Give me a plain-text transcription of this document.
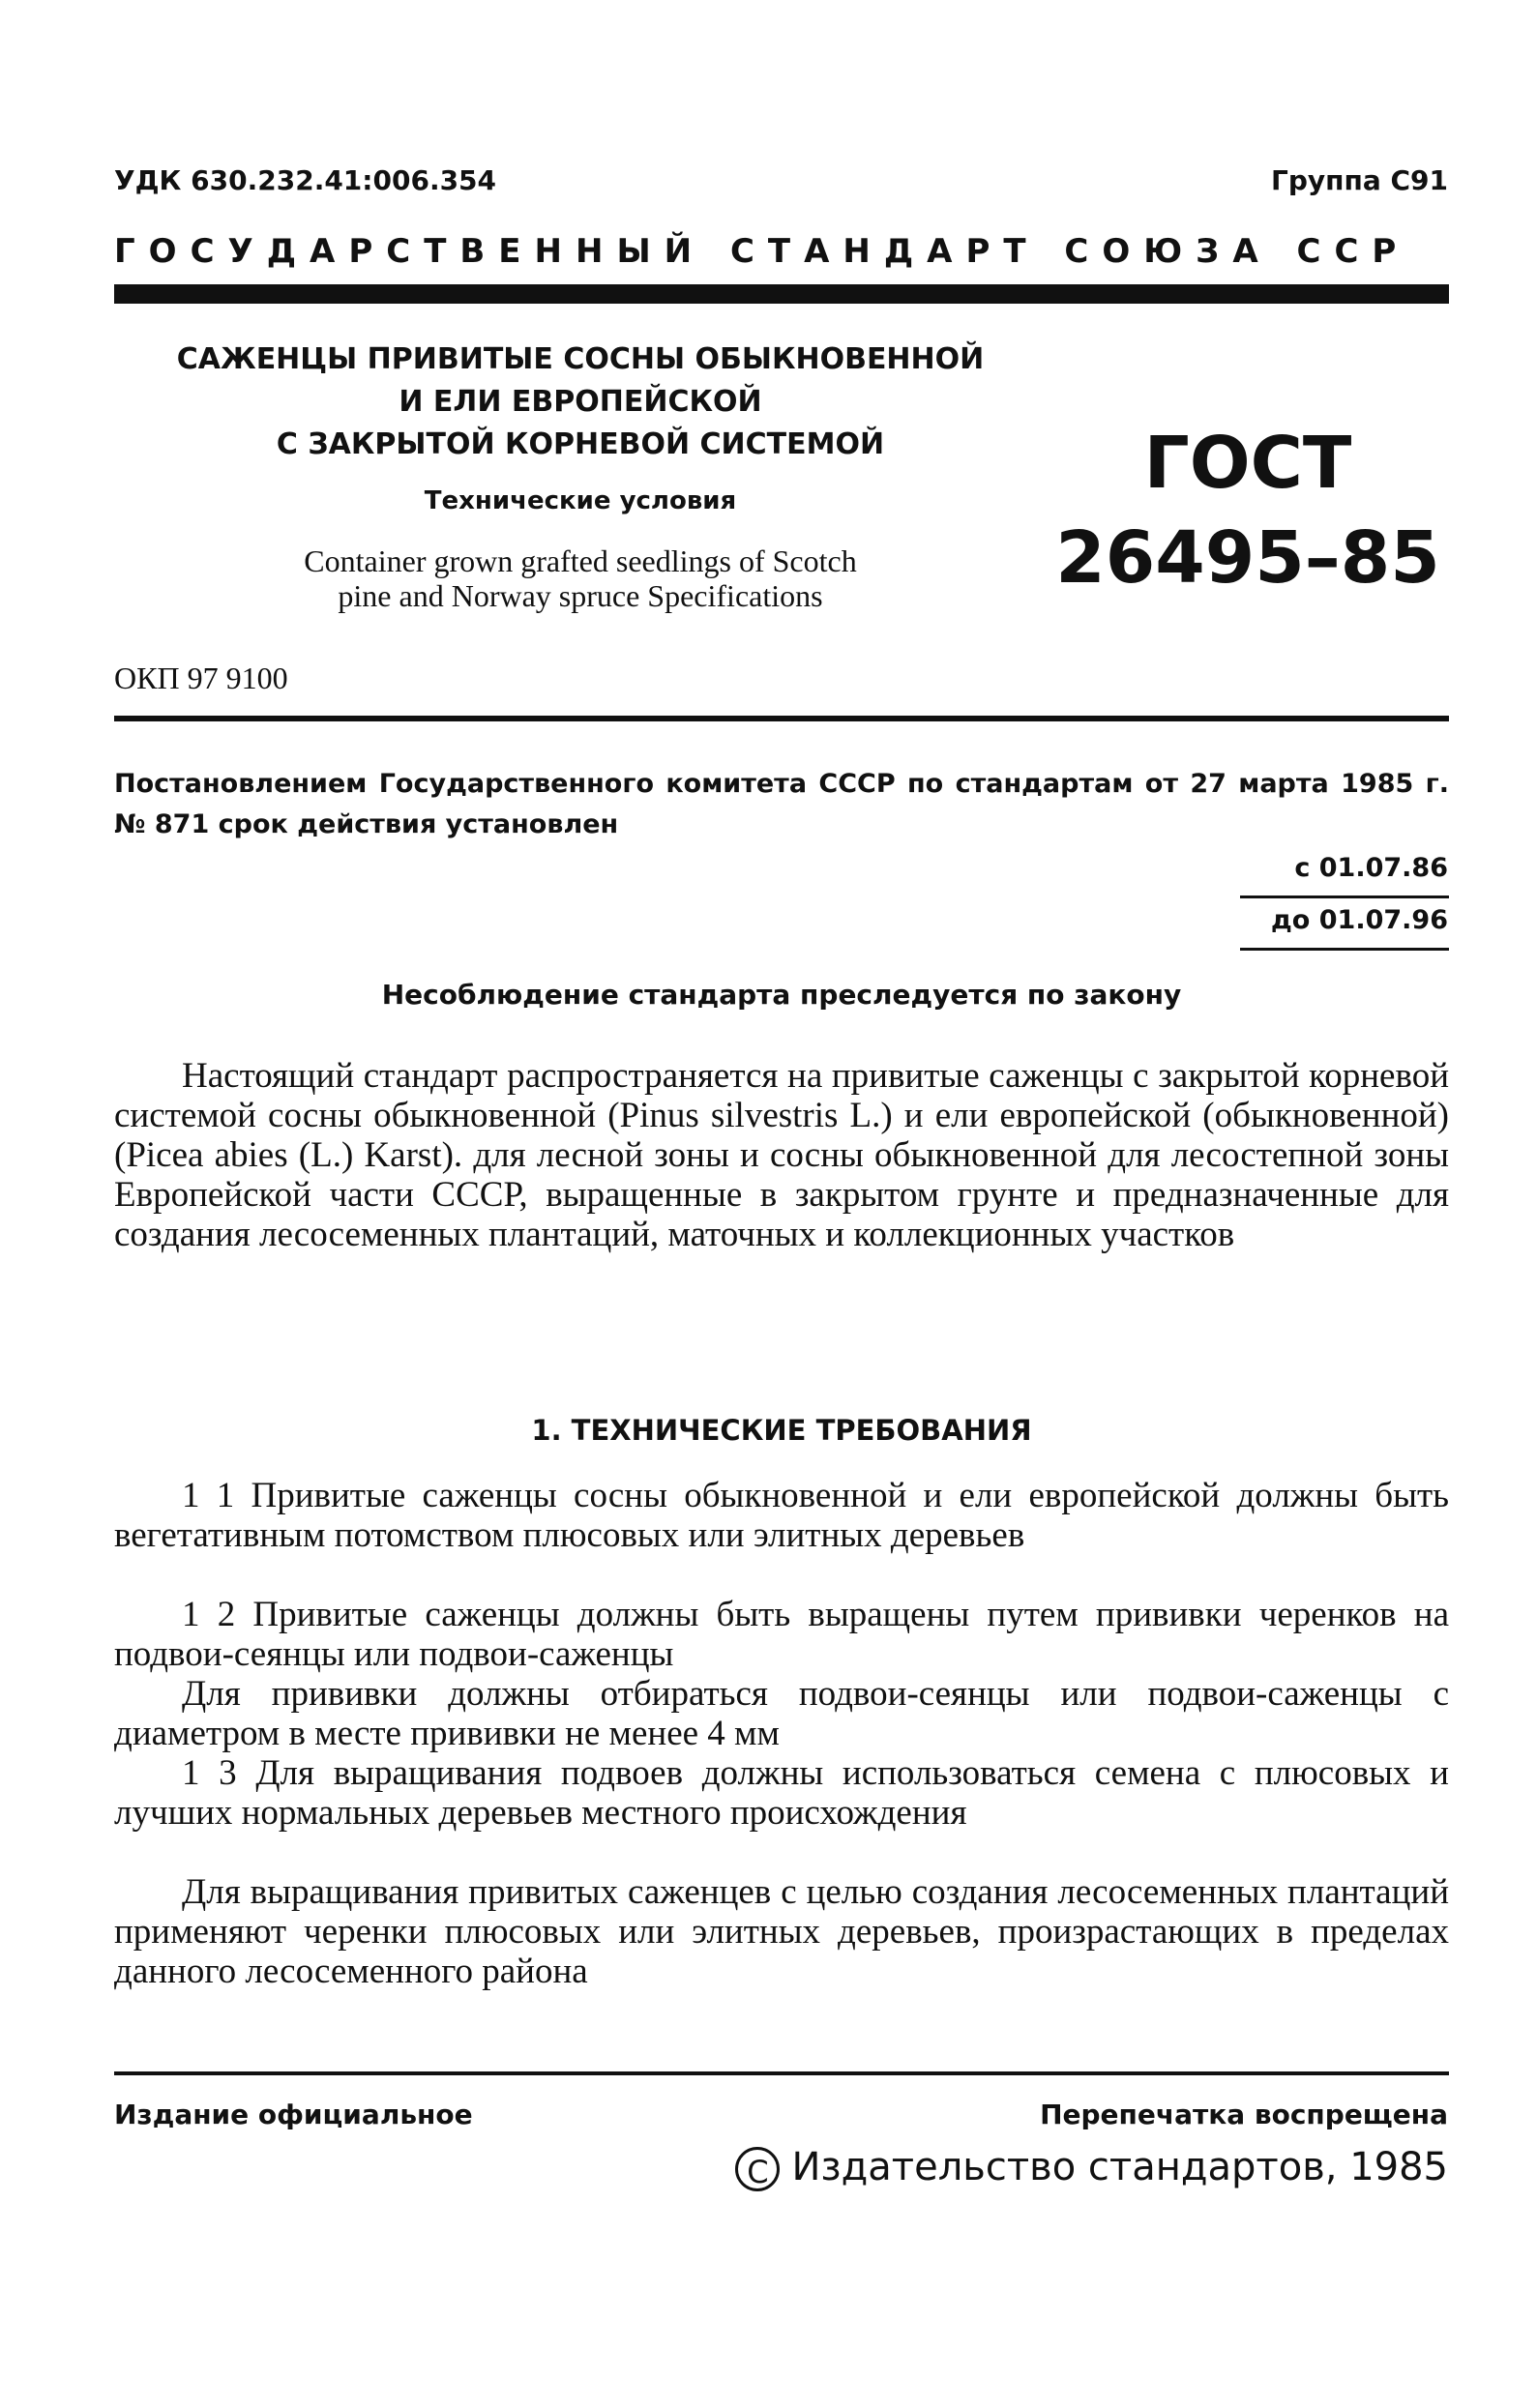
УДК 630.232.41:006.354	Группа С91
ГОСУДАРСТВЕННЫЙ СТАНДАРТ СОЮЗА ССР
САЖЕНЦЫ ПРИВИТЫЕ СОСНЫ ОБЫКНОВЕННОЙ
И ЕЛИ ЕВРОПЕЙСКОЙ
С ЗАКРЫТОЙ КОРНЕВОЙ СИСТЕМОЙ
Технические условия
Container grown grafted seedlings of Scotch
pine and Norway spruce Specifications
ГОСТ
26495–85
ОКП 97 9100
Постановлением Государственного комитета СССР по стандартам от 27 марта 1985 г. № 871 срок действия установлен
с 01.07.86
до 01.07.96
Несоблюдение стандарта преследуется по закону

Настоящий стандарт распространяется на привитые саженцы с закрытой корневой системой сосны обыкновенной (Pinus silvestris L.) и ели европейской (обыкновенной) (Picea abies (L.) Karst). для лесной зоны и сосны обыкновенной для лесостепной зоны Европейской части СССР, выращенные в закрытом грунте и предназначенные для создания лесосеменных плантаций, маточных и коллекционных участков

1. ТЕХНИЧЕСКИЕ ТРЕБОВАНИЯ

1 1 Привитые саженцы сосны обыкновенной и ели европейской должны быть вегетативным потомством плюсовых или элитных деревьев

1 2 Привитые саженцы должны быть выращены путем прививки черенков на подвои-сеянцы или подвои-саженцы

Для прививки должны отбираться подвои-сеянцы или подвои-саженцы с диаметром в месте прививки не менее 4 мм

1 3 Для выращивания подвоев должны использоваться семена с плюсовых и лучших нормальных деревьев местного происхождения

Для выращивания привитых саженцев с целью создания лесосеменных плантаций применяют черенки плюсовых или элитных деревьев, произрастающих в пределах данного лесосеменного района

Издание официальное	Перепечатка воспрещена
C Издательство стандартов, 1985
